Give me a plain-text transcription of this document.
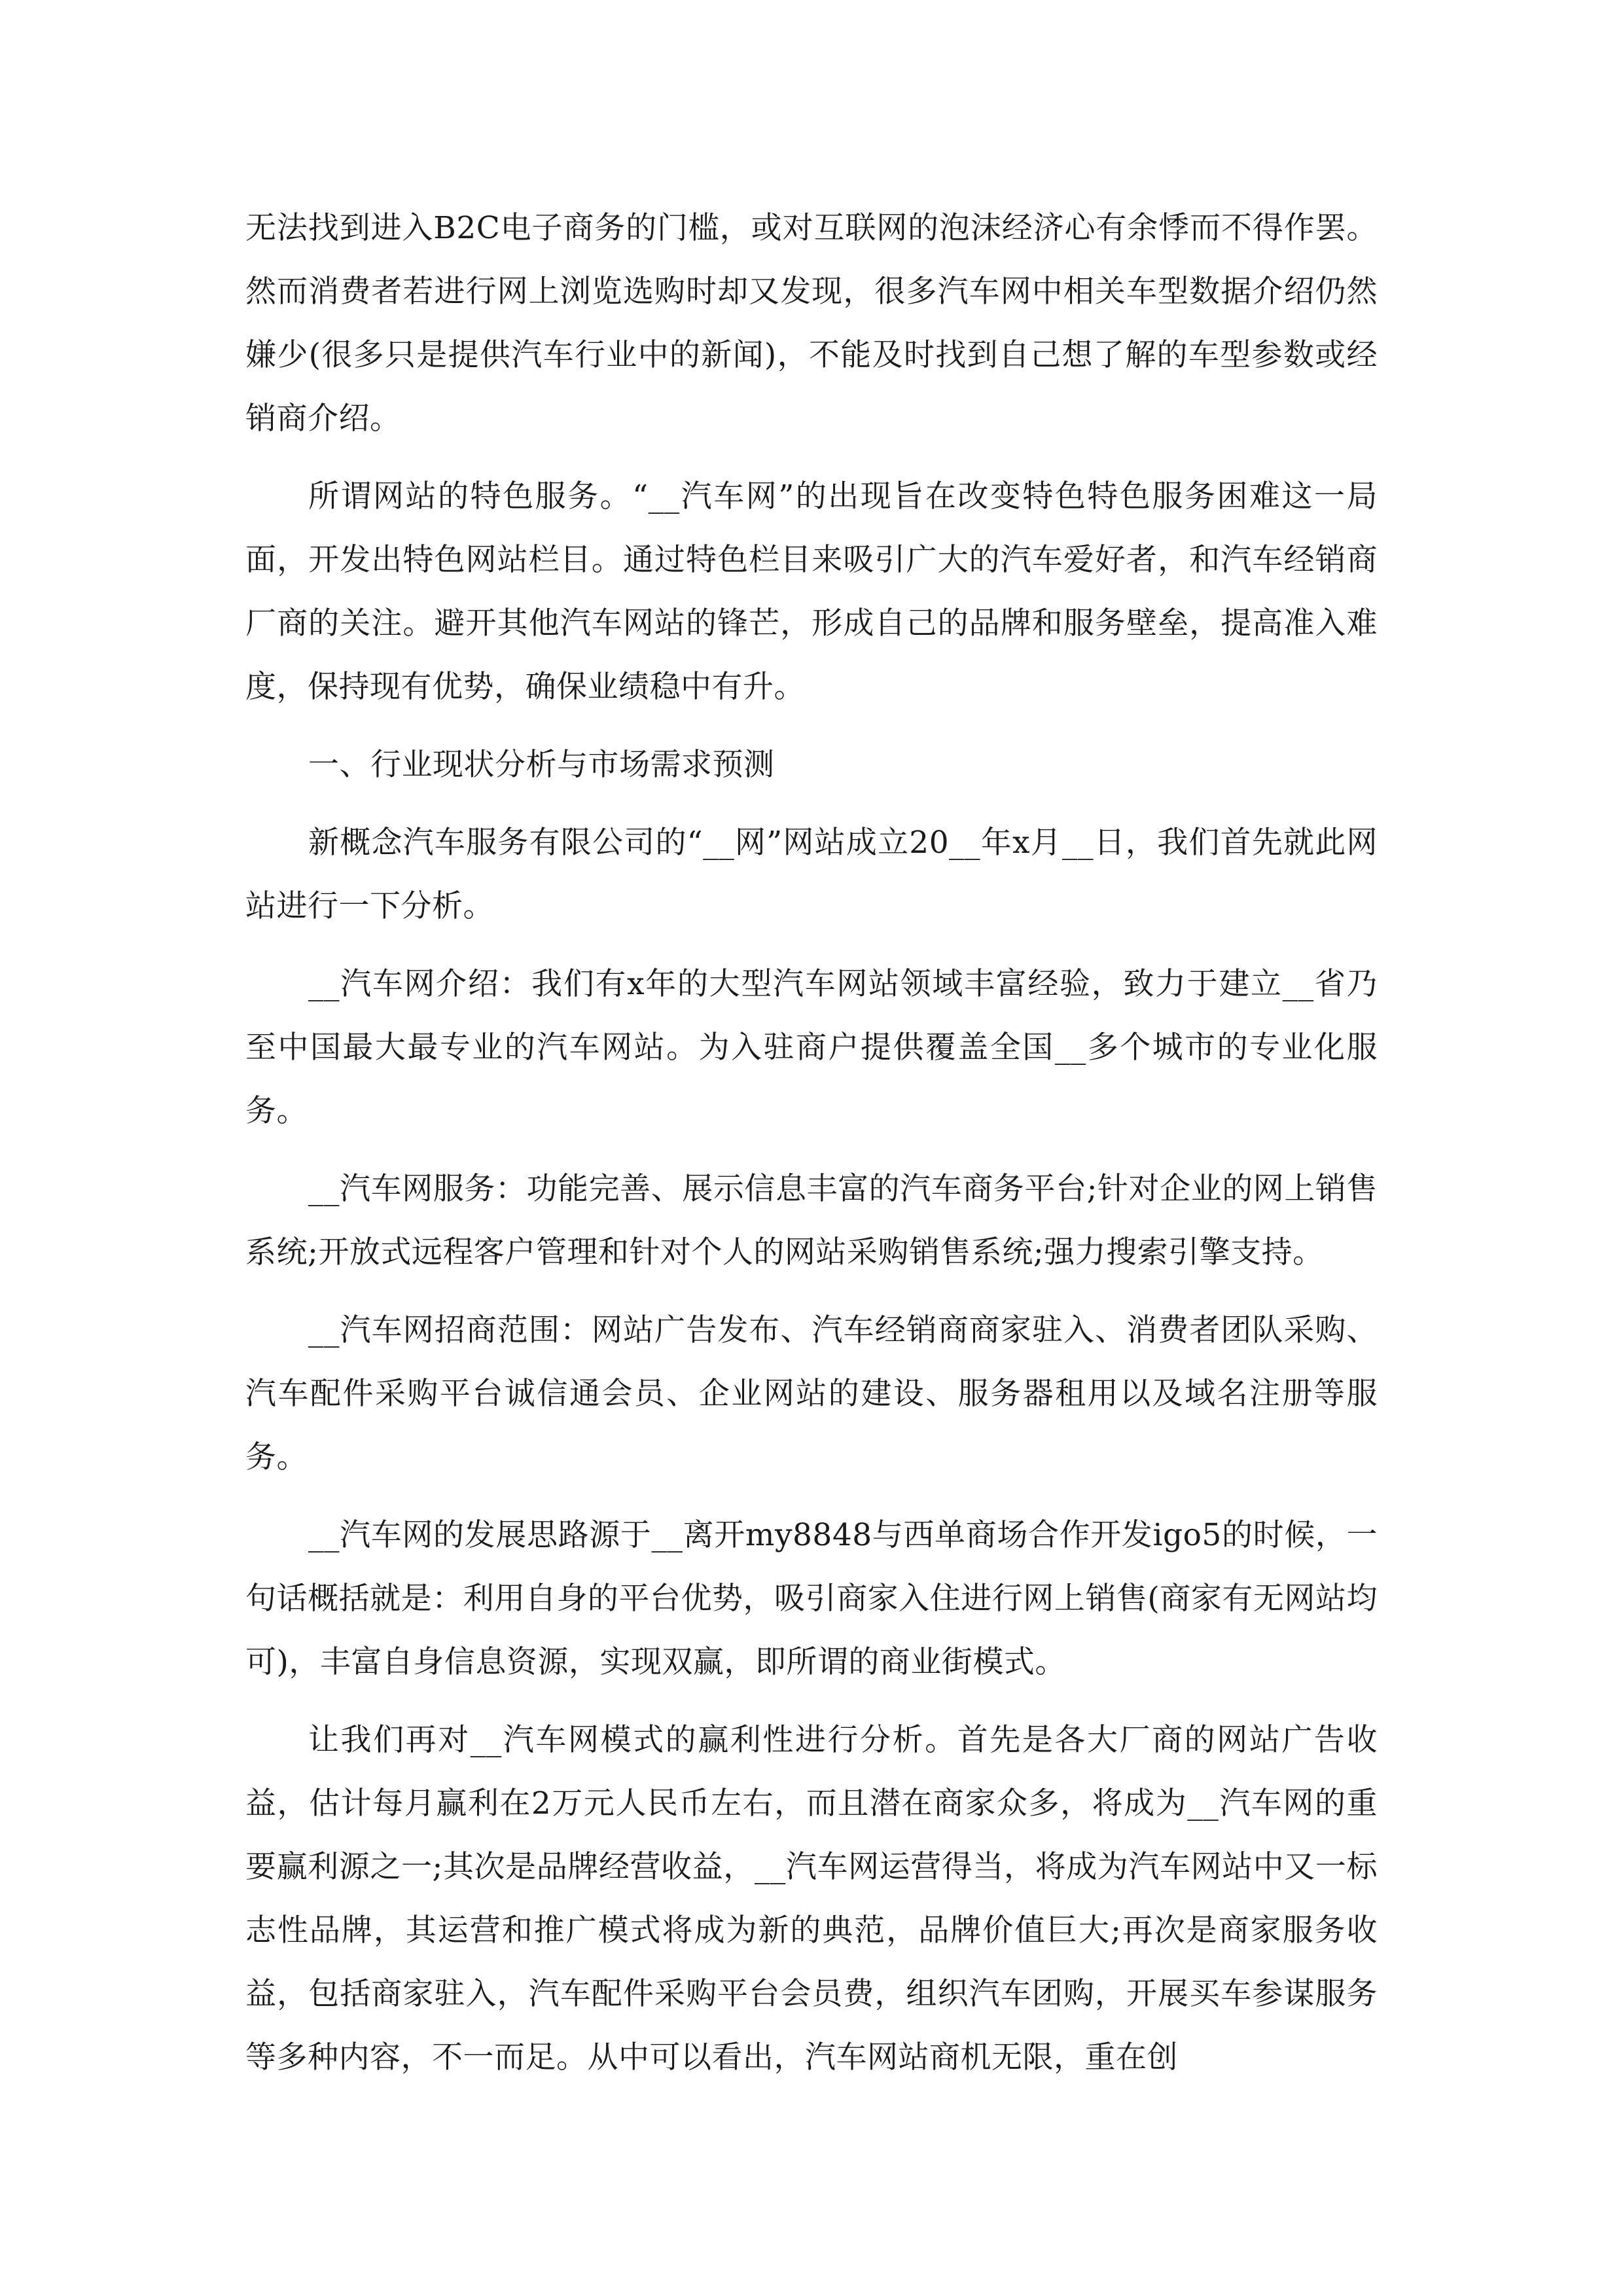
无法找到进入B2C电子商务的门槛，或对互联网的泡沫经济心有余悸而不得作罢。然而消费者若进行网上浏览选购时却又发现，很多汽车网中相关车型数据介绍仍然嫌少(很多只是提供汽车行业中的新闻)，不能及时找到自己想了解的车型参数或经销商介绍。

所谓网站的特色服务。“__汽车网”的出现旨在改变特色特色服务困难这一局面，开发出特色网站栏目。通过特色栏目来吸引广大的汽车爱好者，和汽车经销商厂商的关注。避开其他汽车网站的锋芒，形成自己的品牌和服务壁垒，提高准入难度，保持现有优势，确保业绩稳中有升。

一、行业现状分析与市场需求预测

新概念汽车服务有限公司的“__网”网站成立20__年x月__日，我们首先就此网站进行一下分析。

__汽车网介绍：我们有x年的大型汽车网站领域丰富经验，致力于建立__省乃至中国最大最专业的汽车网站。为入驻商户提供覆盖全国__多个城市的专业化服务。

__汽车网服务：功能完善、展示信息丰富的汽车商务平台;针对企业的网上销售系统;开放式远程客户管理和针对个人的网站采购销售系统;强力搜索引擎支持。

__汽车网招商范围：网站广告发布、汽车经销商商家驻入、消费者团队采购、汽车配件采购平台诚信通会员、企业网站的建设、服务器租用以及域名注册等服务。

__汽车网的发展思路源于__离开my8848与西单商场合作开发igo5的时候，一句话概括就是：利用自身的平台优势，吸引商家入住进行网上销售(商家有无网站均可)，丰富自身信息资源，实现双赢，即所谓的商业街模式。

让我们再对__汽车网模式的赢利性进行分析。首先是各大厂商的网站广告收益，估计每月赢利在2万元人民币左右，而且潜在商家众多，将成为__汽车网的重要赢利源之一;其次是品牌经营收益，__汽车网运营得当，将成为汽车网站中又一标志性品牌，其运营和推广模式将成为新的典范，品牌价值巨大;再次是商家服务收益，包括商家驻入，汽车配件采购平台会员费，组织汽车团购，开展买车参谋服务等多种内容，不一而足。从中可以看出，汽车网站商机无限，重在创
